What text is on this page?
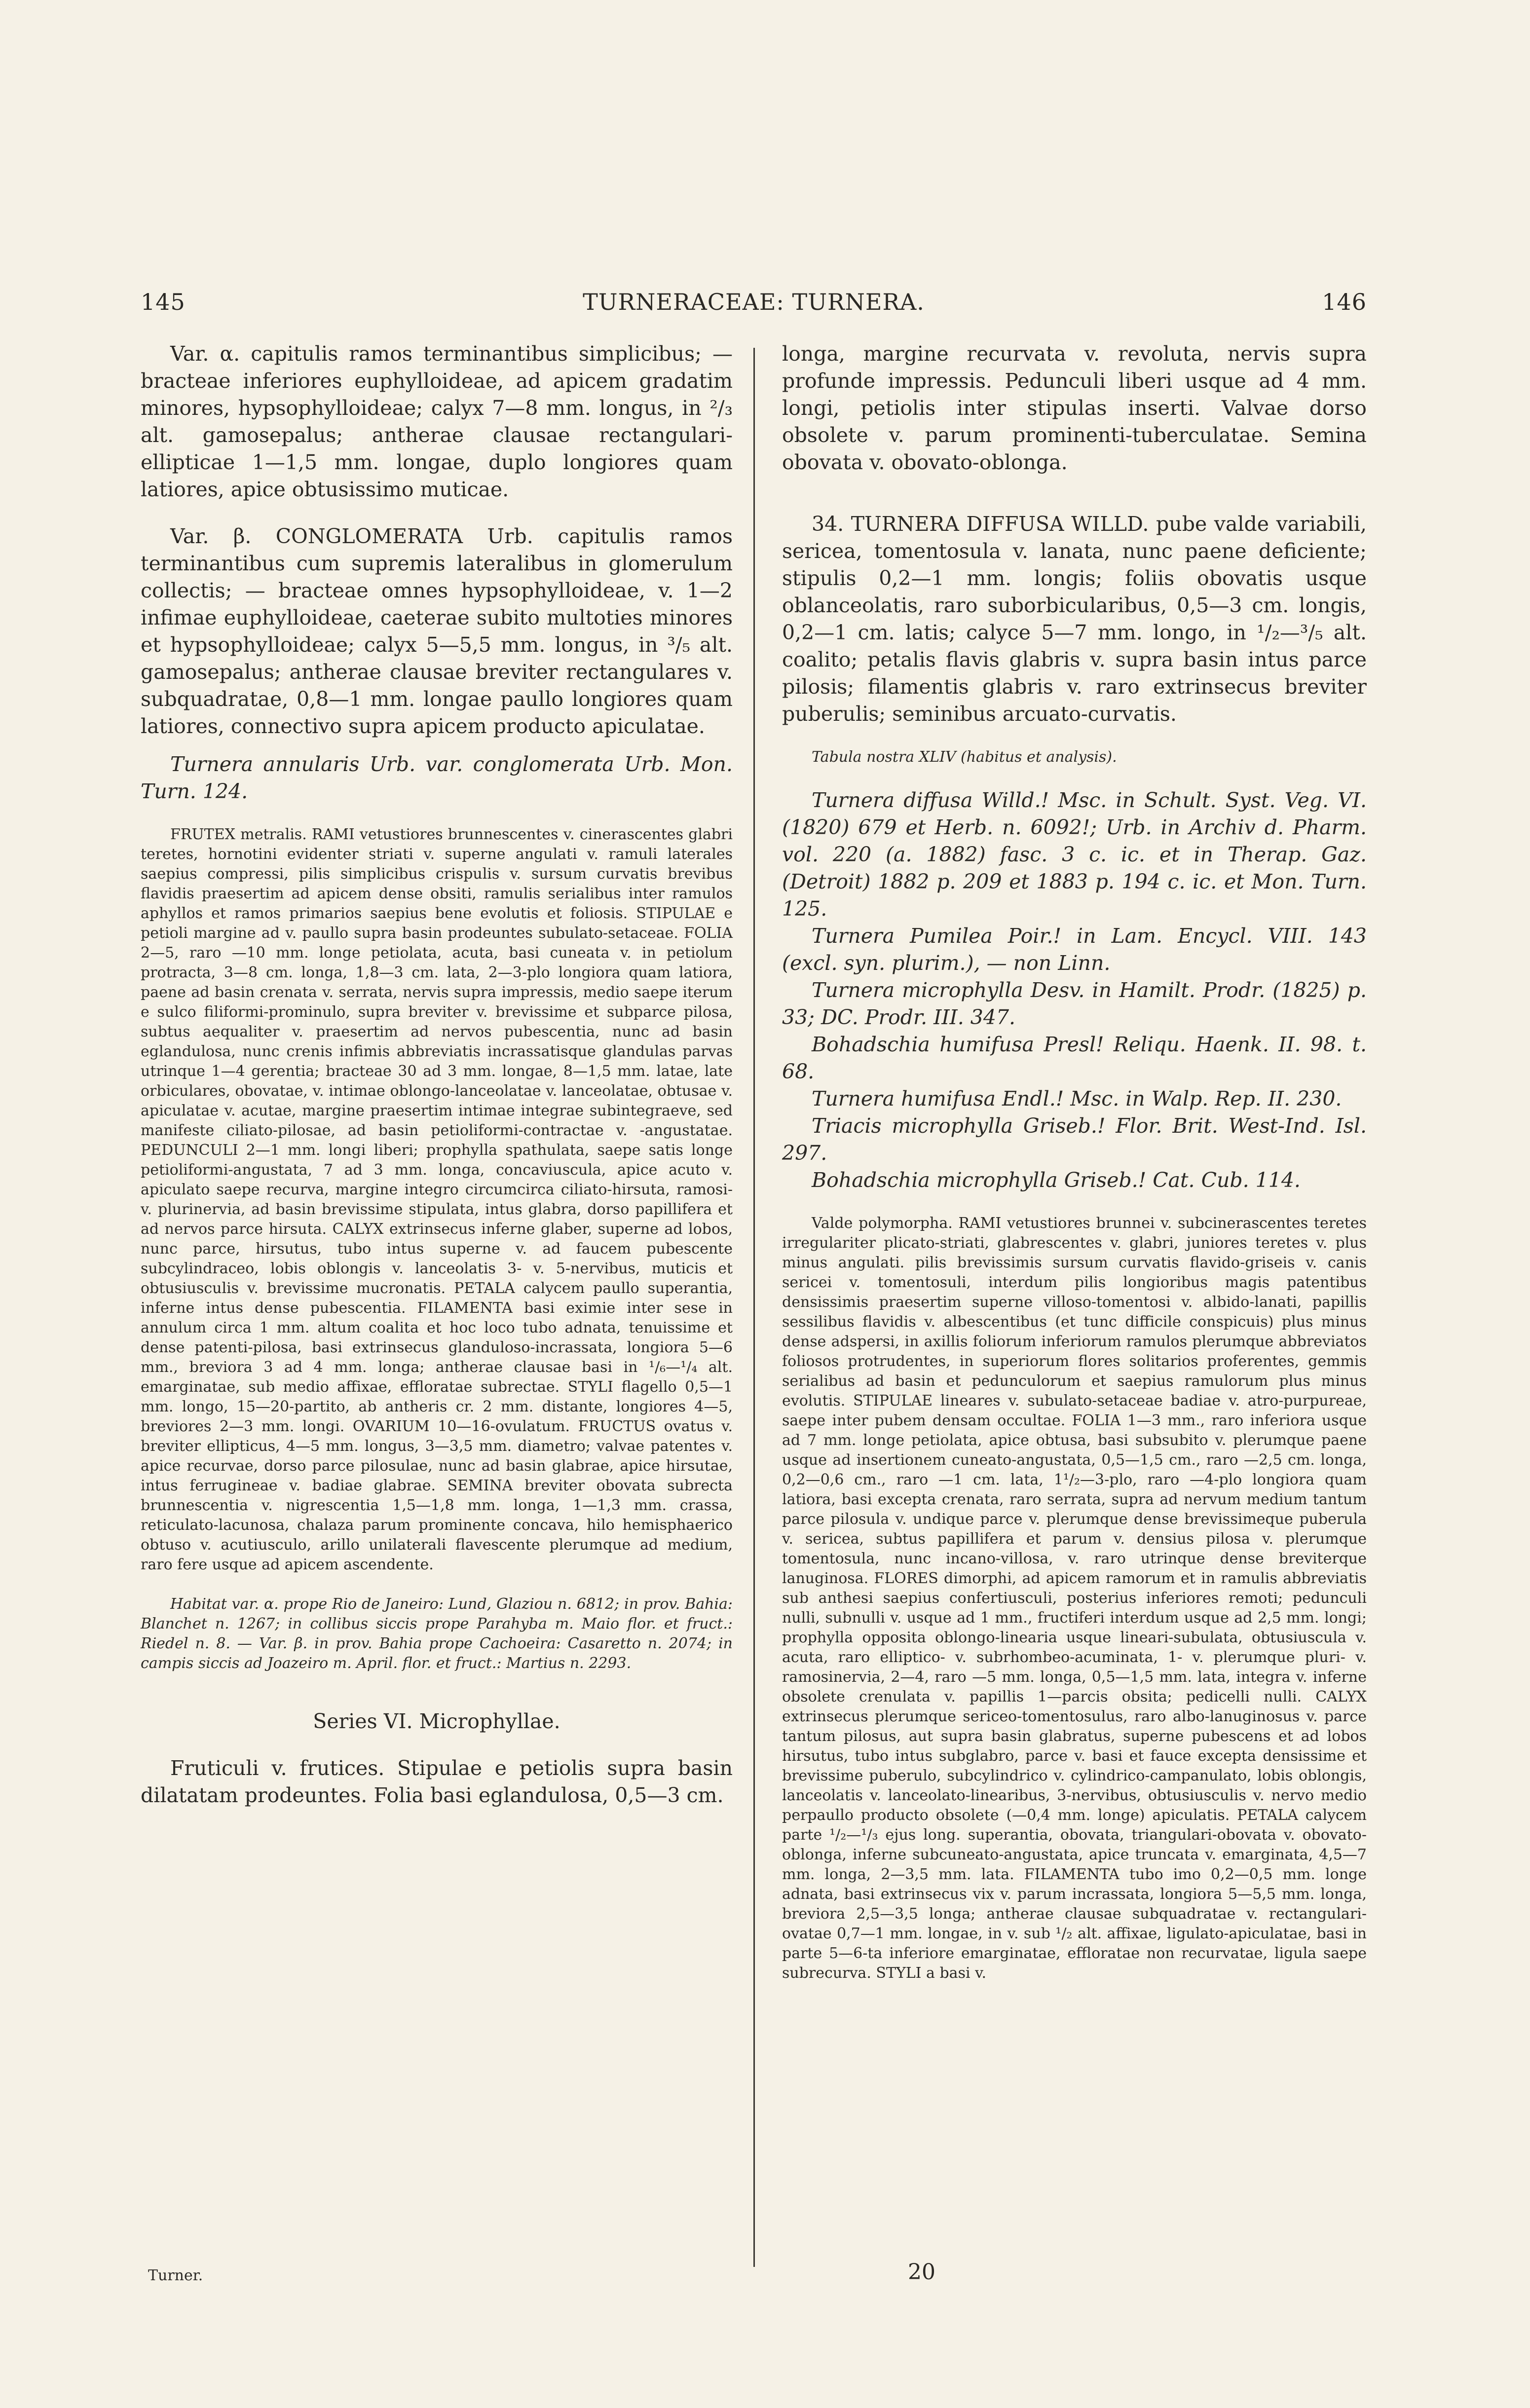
145	TURNERACEAE: TURNERA.	146

Var. α. capitulis ramos terminantibus simplicibus; — bracteae inferiores euphylloideae, ad apicem gradatim minores, hypsophylloideae; calyx 7—8 mm. longus, in ²/₃ alt. gamosepalus; antherae clausae rectangulari-ellipticae 1—1,5 mm. longae, duplo longiores quam latiores, apice obtusissimo muticae.

Var. β. CONGLOMERATA Urb. capitulis ramos terminantibus cum supremis lateralibus in glomerulum collectis; — bracteae omnes hypsophylloideae, v. 1—2 infimae euphylloideae, caeterae subito multoties minores et hypsophylloideae; calyx 5—5,5 mm. longus, in ³/₅ alt. gamosepalus; antherae clausae breviter rectangulares v. subquadratae, 0,8—1 mm. longae paullo longiores quam latiores, connectivo supra apicem producto apiculatae.

Turnera annularis Urb. var. conglomerata Urb. Mon. Turn. 124.

FRUTEX metralis. RAMI vetustiores brunnescentes v. cinerascentes glabri teretes, hornotini evidenter striati v. superne angulati v. ramuli laterales saepius compressi, pilis simplicibus crispulis v. sursum curvatis brevibus flavidis praesertim ad apicem dense obsiti, ramulis serialibus inter ramulos aphyllos et ramos primarios saepius bene evolutis et foliosis. STIPULAE e petioli margine ad v. paullo supra basin prodeuntes subulato-setaceae. FOLIA 2—5, raro —10 mm. longe petiolata, acuta, basi cuneata v. in petiolum protracta, 3—8 cm. longa, 1,8—3 cm. lata, 2—3-plo longiora quam latiora, paene ad basin crenata v. serrata, nervis supra impressis, medio saepe iterum e sulco filiformi-prominulo, supra breviter v. brevissime et subparce pilosa, subtus aequaliter v. praesertim ad nervos pubescentia, nunc ad basin eglandulosa, nunc crenis infimis abbreviatis incrassatisque glandulas parvas utrinque 1—4 gerentia; bracteae 30 ad 3 mm. longae, 8—1,5 mm. latae, late orbiculares, obovatae, v. intimae oblongo-lanceolatae v. lanceolatae, obtusae v. apiculatae v. acutae, margine praesertim intimae integrae subintegraeve, sed manifeste ciliato-pilosae, ad basin petioliformi-contractae v. -angustatae. PEDUNCULI 2—1 mm. longi liberi; prophylla spathulata, saepe satis longe petioliformi-angustata, 7 ad 3 mm. longa, concaviuscula, apice acuto v. apiculato saepe recurva, margine integro circumcirca ciliato-hirsuta, ramosi- v. plurinervia, ad basin brevissime stipulata, intus glabra, dorso papillifera et ad nervos parce hirsuta. CALYX extrinsecus inferne glaber, superne ad lobos, nunc parce, hirsutus, tubo intus superne v. ad faucem pubescente subcylindraceo, lobis oblongis v. lanceolatis 3- v. 5-nervibus, muticis et obtusiusculis v. brevissime mucronatis. PETALA calycem paullo superantia, inferne intus dense pubescentia. FILAMENTA basi eximie inter sese in annulum circa 1 mm. altum coalita et hoc loco tubo adnata, tenuissime et dense patenti-pilosa, basi extrinsecus glanduloso-incrassata, longiora 5—6 mm., breviora 3 ad 4 mm. longa; antherae clausae basi in ¹/₆—¹/₄ alt. emarginatae, sub medio affixae, effloratae subrectae. STYLI flagello 0,5—1 mm. longo, 15—20-partito, ab antheris cr. 2 mm. distante, longiores 4—5, breviores 2—3 mm. longi. OVARIUM 10—16-ovulatum. FRUCTUS ovatus v. breviter ellipticus, 4—5 mm. longus, 3—3,5 mm. diametro; valvae patentes v. apice recurvae, dorso parce pilosulae, nunc ad basin glabrae, apice hirsutae, intus ferrugineae v. badiae glabrae. SEMINA breviter obovata subrecta brunnescentia v. nigrescentia 1,5—1,8 mm. longa, 1—1,3 mm. crassa, reticulato-lacunosa, chalaza parum prominente concava, hilo hemisphaerico obtuso v. acutiusculo, arillo unilaterali flavescente plerumque ad medium, raro fere usque ad apicem ascendente.

Habitat var. α. prope Rio de Janeiro: Lund, Glaziou n. 6812; in prov. Bahia: Blanchet n. 1267; in collibus siccis prope Parahyba m. Maio flor. et fruct.: Riedel n. 8. — Var. β. in prov. Bahia prope Cachoeira: Casaretto n. 2074; in campis siccis ad Joazeiro m. April. flor. et fruct.: Martius n. 2293.

Series VI. Microphyllae.

Fruticuli v. frutices. Stipulae e petiolis supra basin dilatatam prodeuntes. Folia basi eglandulosa, 0,5—3 cm.

longa, margine recurvata v. revoluta, nervis supra profunde impressis. Pedunculi liberi usque ad 4 mm. longi, petiolis inter stipulas inserti. Valvae dorso obsolete v. parum prominenti-tuberculatae. Semina obovata v. obovato-oblonga.

34. TURNERA DIFFUSA WILLD. pube valde variabili, sericea, tomentosula v. lanata, nunc paene deficiente; stipulis 0,2—1 mm. longis; foliis obovatis usque oblanceolatis, raro suborbicularibus, 0,5—3 cm. longis, 0,2—1 cm. latis; calyce 5—7 mm. longo, in ¹/₂—³/₅ alt. coalito; petalis flavis glabris v. supra basin intus parce pilosis; filamentis glabris v. raro extrinsecus breviter puberulis; seminibus arcuato-curvatis.

Tabula nostra XLIV (habitus et analysis).

Turnera diffusa Willd.! Msc. in Schult. Syst. Veg. VI. (1820) 679 et Herb. n. 6092!; Urb. in Archiv d. Pharm. vol. 220 (a. 1882) fasc. 3 c. ic. et in Therap. Gaz. (Detroit) 1882 p. 209 et 1883 p. 194 c. ic. et Mon. Turn. 125.

Turnera Pumilea Poir.! in Lam. Encycl. VIII. 143 (excl. syn. plurim.), — non Linn.

Turnera microphylla Desv. in Hamilt. Prodr. (1825) p. 33; DC. Prodr. III. 347.

Bohadschia humifusa Presl! Reliqu. Haenk. II. 98. t. 68.

Turnera humifusa Endl.! Msc. in Walp. Rep. II. 230.

Triacis microphylla Griseb.! Flor. Brit. West-Ind. Isl. 297.

Bohadschia microphylla Griseb.! Cat. Cub. 114.

Valde polymorpha. RAMI vetustiores brunnei v. subcinerascentes teretes irregulariter plicato-striati, glabrescentes v. glabri, juniores teretes v. plus minus angulati. pilis brevissimis sursum curvatis flavido-griseis v. canis sericei v. tomentosuli, interdum pilis longioribus magis patentibus densissimis praesertim superne villoso-tomentosi v. albido-lanati, papillis sessilibus flavidis v. albescentibus (et tunc difficile conspicuis) plus minus dense adspersi, in axillis foliorum inferiorum ramulos plerumque abbreviatos foliosos protrudentes, in superiorum flores solitarios proferentes, gemmis serialibus ad basin et pedunculorum et saepius ramulorum plus minus evolutis. STIPULAE lineares v. subulato-setaceae badiae v. atro-purpureae, saepe inter pubem densam occultae. FOLIA 1—3 mm., raro inferiora usque ad 7 mm. longe petiolata, apice obtusa, basi subsubito v. plerumque paene usque ad insertionem cuneato-angustata, 0,5—1,5 cm., raro —2,5 cm. longa, 0,2—0,6 cm., raro —1 cm. lata, 1¹/₂—3-plo, raro —4-plo longiora quam latiora, basi excepta crenata, raro serrata, supra ad nervum medium tantum parce pilosula v. undique parce v. plerumque dense brevissimeque puberula v. sericea, subtus papillifera et parum v. densius pilosa v. plerumque tomentosula, nunc incano-villosa, v. raro utrinque dense breviterque lanuginosa. FLORES dimorphi, ad apicem ramorum et in ramulis abbreviatis sub anthesi saepius confertiusculi, posterius inferiores remoti; pedunculi nulli, subnulli v. usque ad 1 mm., fructiferi interdum usque ad 2,5 mm. longi; prophylla opposita oblongo-linearia usque lineari-subulata, obtusiuscula v. acuta, raro elliptico- v. subrhombeo-acuminata, 1- v. plerumque pluri- v. ramosinervia, 2—4, raro —5 mm. longa, 0,5—1,5 mm. lata, integra v. inferne obsolete crenulata v. papillis 1—parcis obsita; pedicelli nulli. CALYX extrinsecus plerumque sericeo-tomentosulus, raro albo-lanuginosus v. parce tantum pilosus, aut supra basin glabratus, superne pubescens et ad lobos hirsutus, tubo intus subglabro, parce v. basi et fauce excepta densissime et brevissime puberulo, subcylindrico v. cylindrico-campanulato, lobis oblongis, lanceolatis v. lanceolato-linearibus, 3-nervibus, obtusiusculis v. nervo medio perpaullo producto obsolete (—0,4 mm. longe) apiculatis. PETALA calycem parte ¹/₂—¹/₃ ejus long. superantia, obovata, triangulari-obovata v. obovato-oblonga, inferne subcuneato-angustata, apice truncata v. emarginata, 4,5—7 mm. longa, 2—3,5 mm. lata. FILAMENTA tubo imo 0,2—0,5 mm. longe adnata, basi extrinsecus vix v. parum incrassata, longiora 5—5,5 mm. longa, breviora 2,5—3,5 longa; antherae clausae subquadratae v. rectangulari-ovatae 0,7—1 mm. longae, in v. sub ¹/₂ alt. affixae, ligulato-apiculatae, basi in parte 5—6-ta inferiore emarginatae, effloratae non recurvatae, ligula saepe subrecurva. STYLI a basi v.

Turner.	20
